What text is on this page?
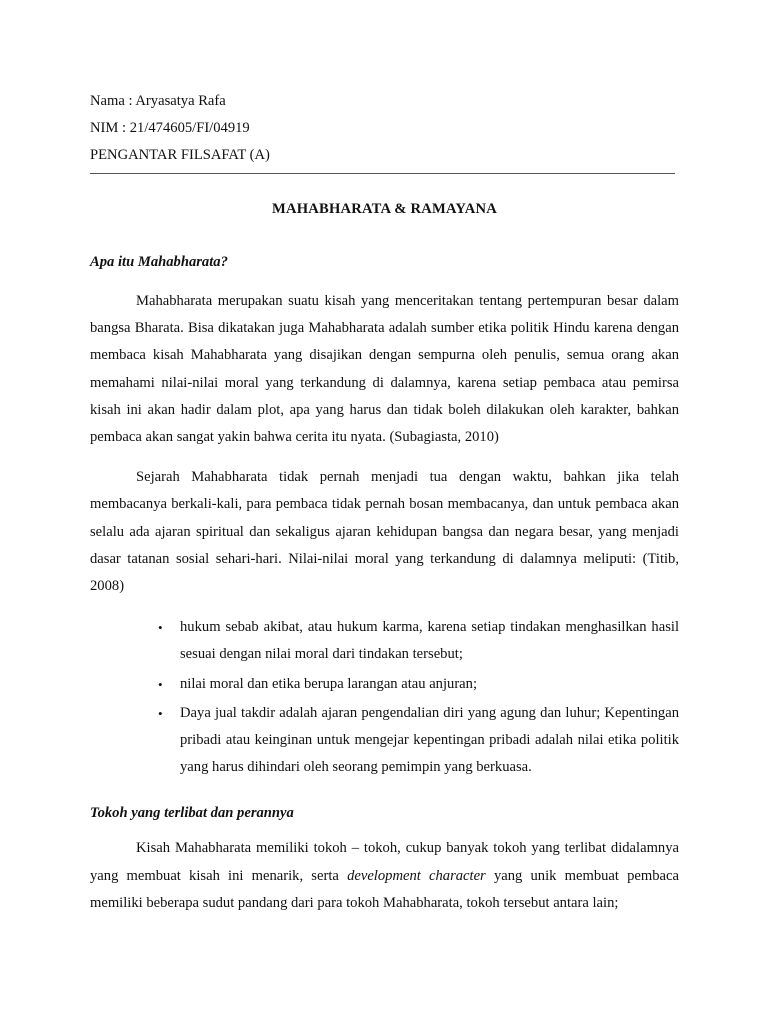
Nama : Aryasatya Rafa
NIM : 21/474605/FI/04919
PENGANTAR FILSAFAT (A)
MAHABHARATA & RAMAYANA
Apa itu Mahabharata?

Mahabharata merupakan suatu kisah yang menceritakan tentang pertempuran besar dalam bangsa Bharata. Bisa dikatakan juga Mahabharata adalah sumber etika politik Hindu karena dengan membaca kisah Mahabharata yang disajikan dengan sempurna oleh penulis, semua orang akan memahami nilai-nilai moral yang terkandung di dalamnya, karena setiap pembaca atau pemirsa kisah ini akan hadir dalam plot, apa yang harus dan tidak boleh dilakukan oleh karakter, bahkan pembaca akan sangat yakin bahwa cerita itu nyata. (Subagiasta, 2010)

Sejarah Mahabharata tidak pernah menjadi tua dengan waktu, bahkan jika telah membacanya berkali-kali, para pembaca tidak pernah bosan membacanya, dan untuk pembaca akan selalu ada ajaran spiritual dan sekaligus ajaran kehidupan bangsa dan negara besar, yang menjadi dasar tatanan sosial sehari-hari. Nilai-nilai moral yang terkandung di dalamnya meliputi: (Titib, 2008)

• hukum sebab akibat, atau hukum karma, karena setiap tindakan menghasilkan hasil sesuai dengan nilai moral dari tindakan tersebut;
• nilai moral dan etika berupa larangan atau anjuran;
• Daya jual takdir adalah ajaran pengendalian diri yang agung dan luhur; Kepentingan pribadi atau keinginan untuk mengejar kepentingan pribadi adalah nilai etika politik yang harus dihindari oleh seorang pemimpin yang berkuasa.
Tokoh yang terlibat dan perannya

Kisah Mahabharata memiliki tokoh – tokoh, cukup banyak tokoh yang terlibat didalamnya yang membuat kisah ini menarik, serta development character yang unik membuat pembaca memiliki beberapa sudut pandang dari para tokoh Mahabharata, tokoh tersebut antara lain;
